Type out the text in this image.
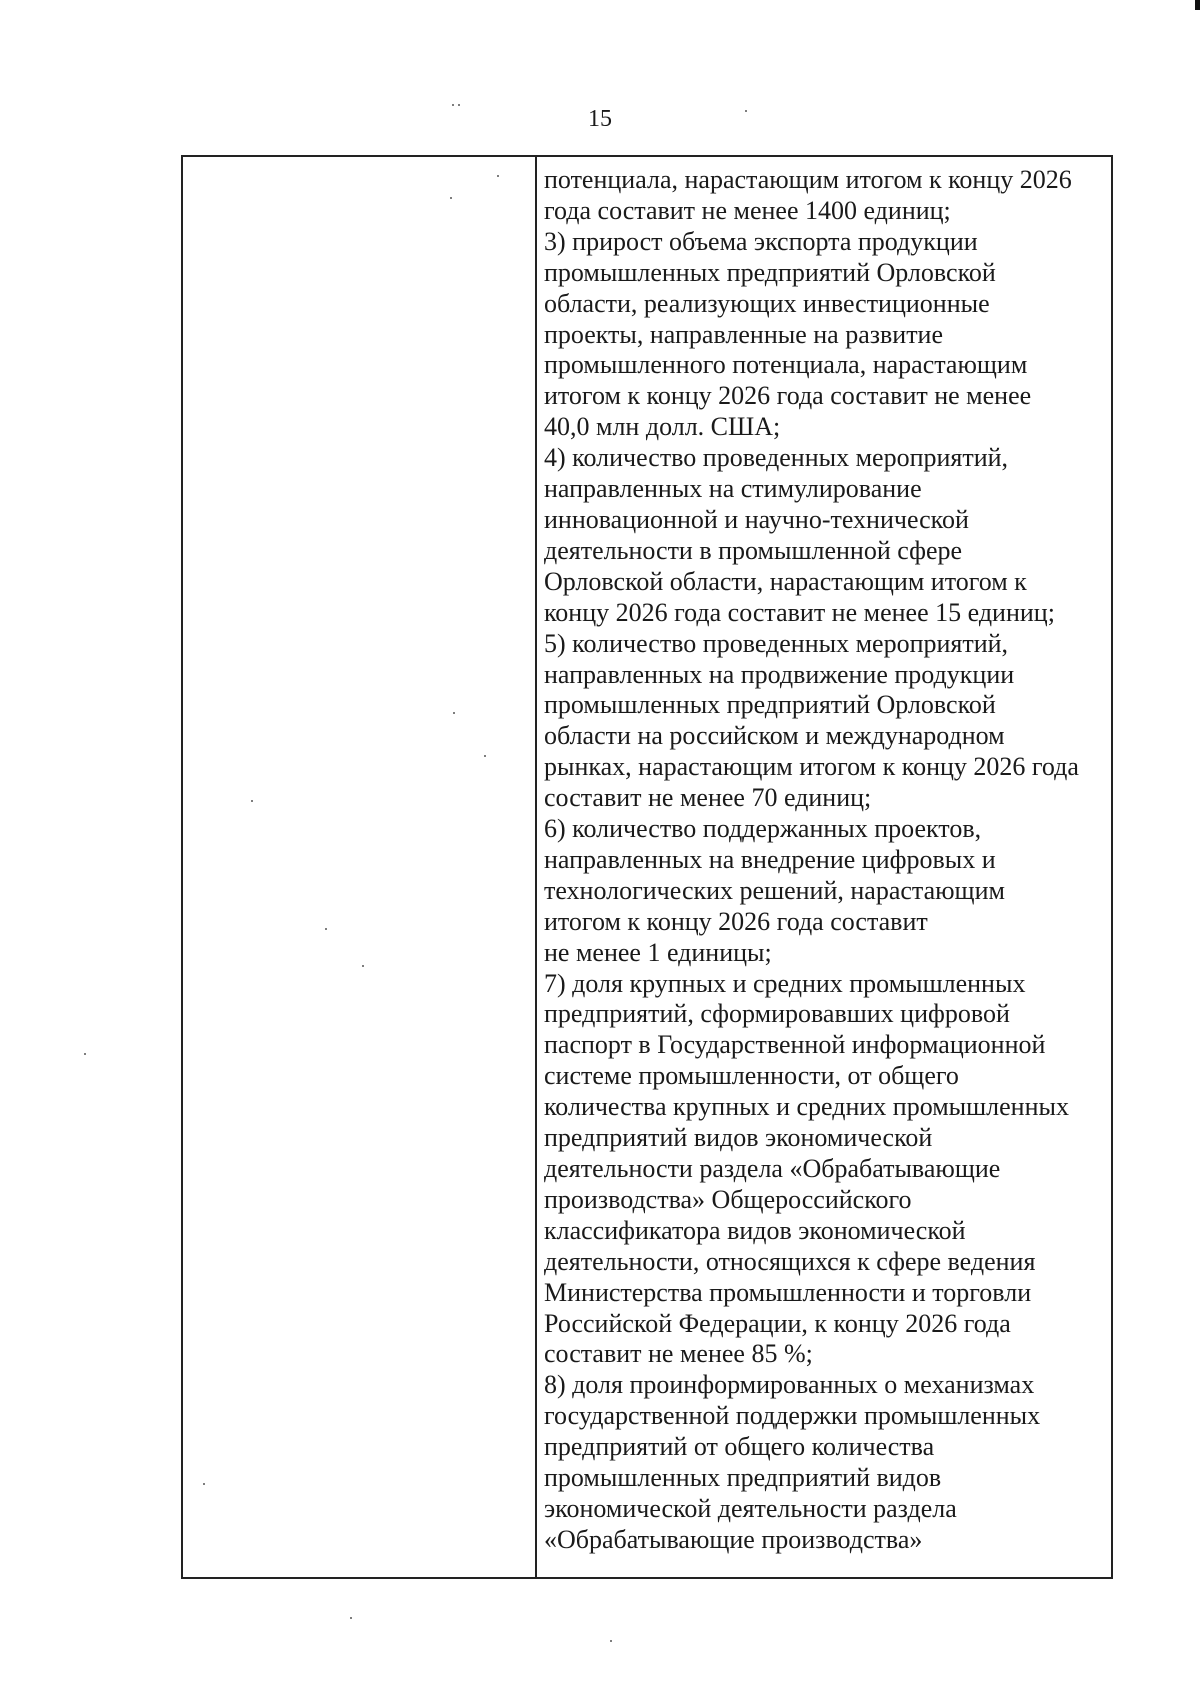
15
потенциала, нарастающим итогом к концу 2026
года составит не менее 1400 единиц;
3) прирост объема экспорта продукции
промышленных предприятий Орловской
области, реализующих инвестиционные
проекты, направленные на развитие
промышленного потенциала, нарастающим
итогом к концу 2026 года составит не менее
40,0 млн долл. США;
4) количество проведенных мероприятий,
направленных на стимулирование
инновационной и научно-технической
деятельности в промышленной сфере
Орловской области, нарастающим итогом к
концу 2026 года составит не менее 15 единиц;
5) количество проведенных мероприятий,
направленных на продвижение продукции
промышленных предприятий Орловской
области на российском и международном
рынках, нарастающим итогом к концу 2026 года
составит не менее 70 единиц;
6) количество поддержанных проектов,
направленных на внедрение цифровых и
технологических решений, нарастающим
итогом к концу 2026 года составит
не менее 1 единицы;
7) доля крупных и средних промышленных
предприятий, сформировавших цифровой
паспорт в Государственной информационной
системе промышленности, от общего
количества крупных и средних промышленных
предприятий видов экономической
деятельности раздела «Обрабатывающие
производства» Общероссийского
классификатора видов экономической
деятельности, относящихся к сфере ведения
Министерства промышленности и торговли
Российской Федерации, к концу 2026 года
составит не менее 85 %;
8) доля проинформированных о механизмах
государственной поддержки промышленных
предприятий от общего количества
промышленных предприятий видов
экономической деятельности раздела
«Обрабатывающие производства»
